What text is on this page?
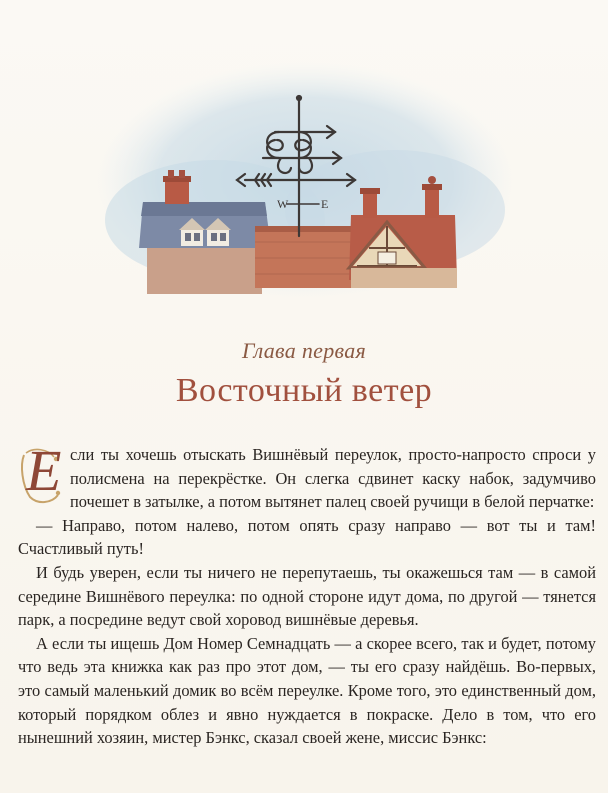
W	E
Глава первая
Восточный ветер

Е сли ты хочешь отыскать Вишнёвый переулок, просто-напросто спроси у полисмена на перекрёстке. Он слегка сдвинет каску набок, задумчиво почешет в затылке, а потом вытянет палец своей ручищи в белой перчатке:

— Направо, потом налево, потом опять сразу направо — вот ты и там! Счастливый путь!

И будь уверен, если ты ничего не перепутаешь, ты окажешься там — в самой середине Вишнёвого переулка: по одной стороне идут дома, по другой — тянется парк, а посредине ведут свой хоровод вишнёвые деревья.

А если ты ищешь Дом Номер Семнадцать — а скорее всего, так и будет, потому что ведь эта книжка как раз про этот дом, — ты его сразу найдёшь. Во-первых, это самый маленький домик во всём переулке. Кроме того, это единственный дом, который порядком облез и явно нуждается в покраске. Дело в том, что его нынешний хозяин, мистер Бэнкс, сказал своей жене, миссис Бэнкс:
